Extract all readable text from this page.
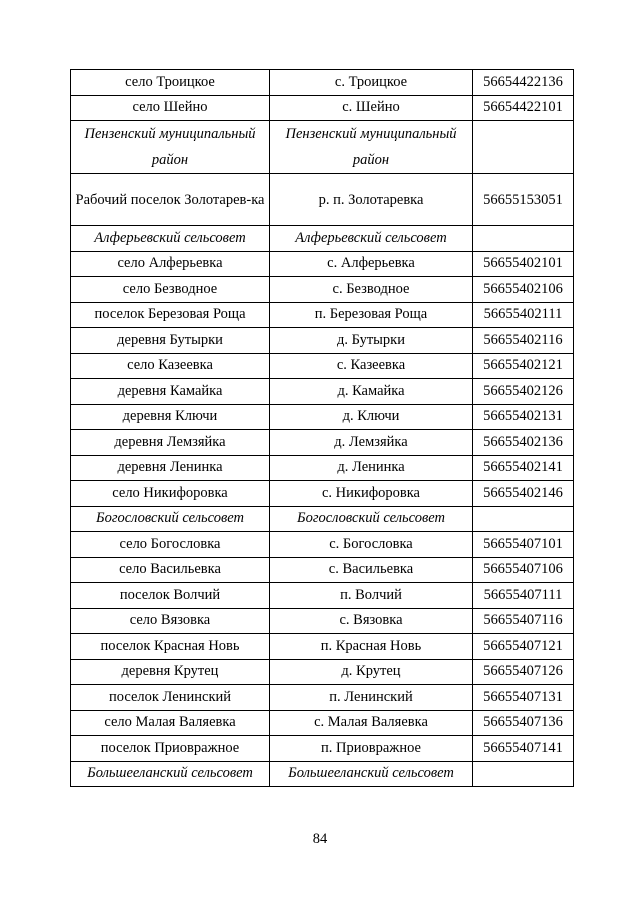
село Троицкое	с. Троицкое	56654422136
село Шейно	с. Шейно	56654422101
Пензенский муниципальный район	Пензенский муниципальный район	
Рабочий поселок Золотарев-ка	р. п. Золотаревка	56655153051
Алферьевский сельсовет	Алферьевский сельсовет	
село Алферьевка	с. Алферьевка	56655402101
село Безводное	с. Безводное	56655402106
поселок Березовая Роща	п. Березовая Роща	56655402111
деревня Бутырки	д. Бутырки	56655402116
село Казеевка	с. Казеевка	56655402121
деревня Камайка	д. Камайка	56655402126
деревня Ключи	д. Ключи	56655402131
деревня Лемзяйка	д. Лемзяйка	56655402136
деревня Ленинка	д. Ленинка	56655402141
село Никифоровка	с. Никифоровка	56655402146
Богословский сельсовет	Богословский сельсовет	
село Богословка	с. Богословка	56655407101
село Васильевка	с. Васильевка	56655407106
поселок Волчий	п. Волчий	56655407111
село Вязовка	с. Вязовка	56655407116
поселок Красная Новь	п. Красная Новь	56655407121
деревня Крутец	д. Крутец	56655407126
поселок Ленинский	п. Ленинский	56655407131
село Малая Валяевка	с. Малая Валяевка	56655407136
поселок Приовражное	п. Приовражное	56655407141
Большееланский сельсовет	Большееланский сельсовет	
84
